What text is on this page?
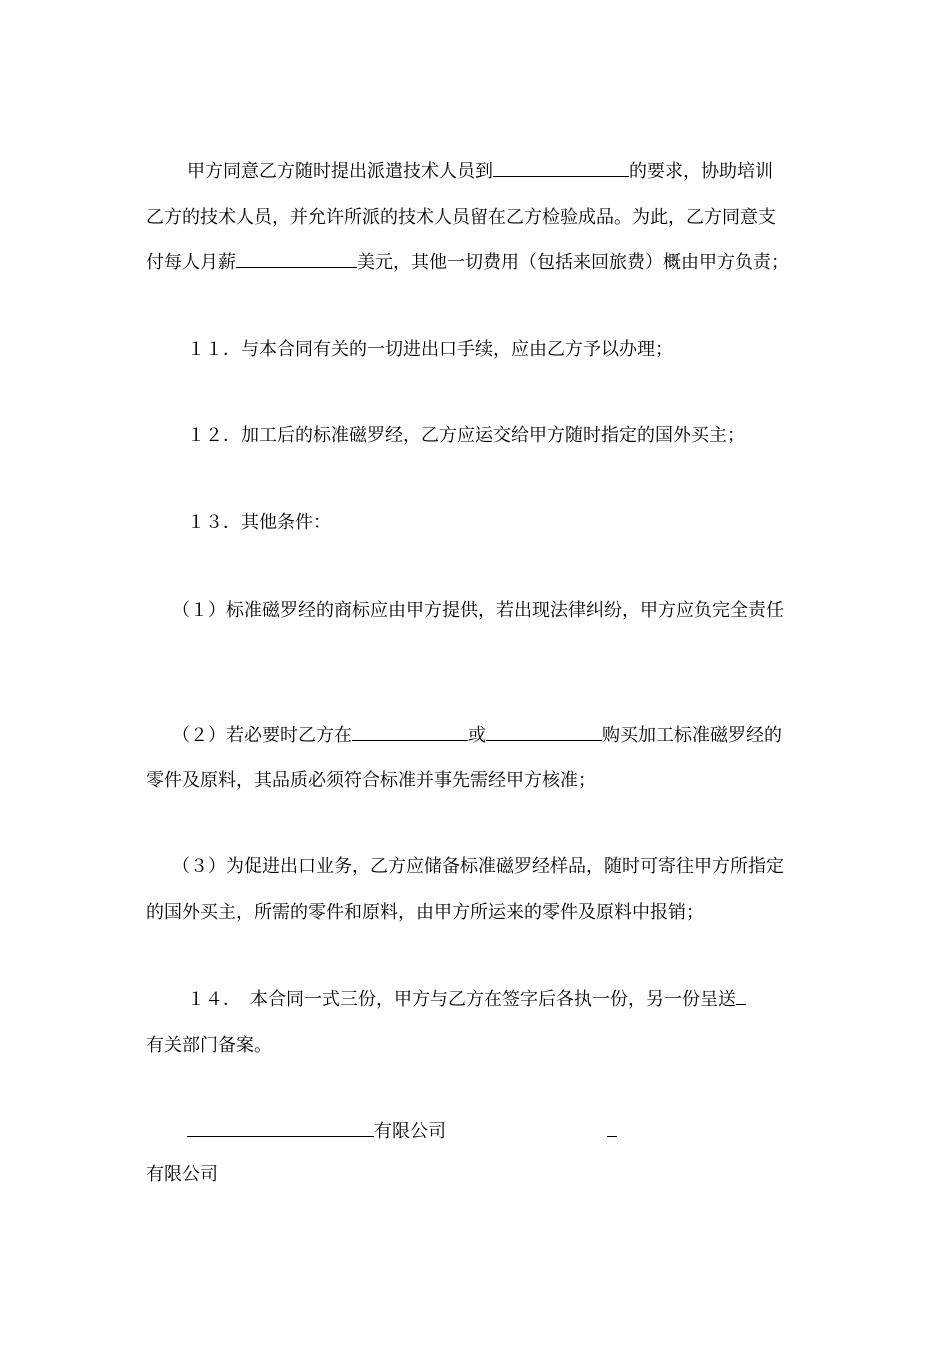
甲方同意乙方随时提出派遣技术人员到	的要求，协助培训
乙方的技术人员，并允许所派的技术人员留在乙方检验成品。为此，乙方同意支
付每人月薪	美元，其他一切费用（包括来回旅费）概由甲方负责；
１１．与本合同有关的一切进出口手续，应由乙方予以办理；
１２．加工后的标准磁罗经，乙方应运交给甲方随时指定的国外买主；
１３．其他条件：
（１）标准磁罗经的商标应由甲方提供，若出现法律纠纷，甲方应负完全责任
（２）若必要时乙方在	或	购买加工标准磁罗经的
零件及原料，其品质必须符合标准并事先需经甲方核准；
（３）为促进出口业务，乙方应储备标准磁罗经样品，随时可寄往甲方所指定
的国外买主，所需的零件和原料，由甲方所运来的零件及原料中报销；
１４．　本合同一式三份，甲方与乙方在签字后各执一份，另一份呈送
有关部门备案。
有限公司
有限公司
